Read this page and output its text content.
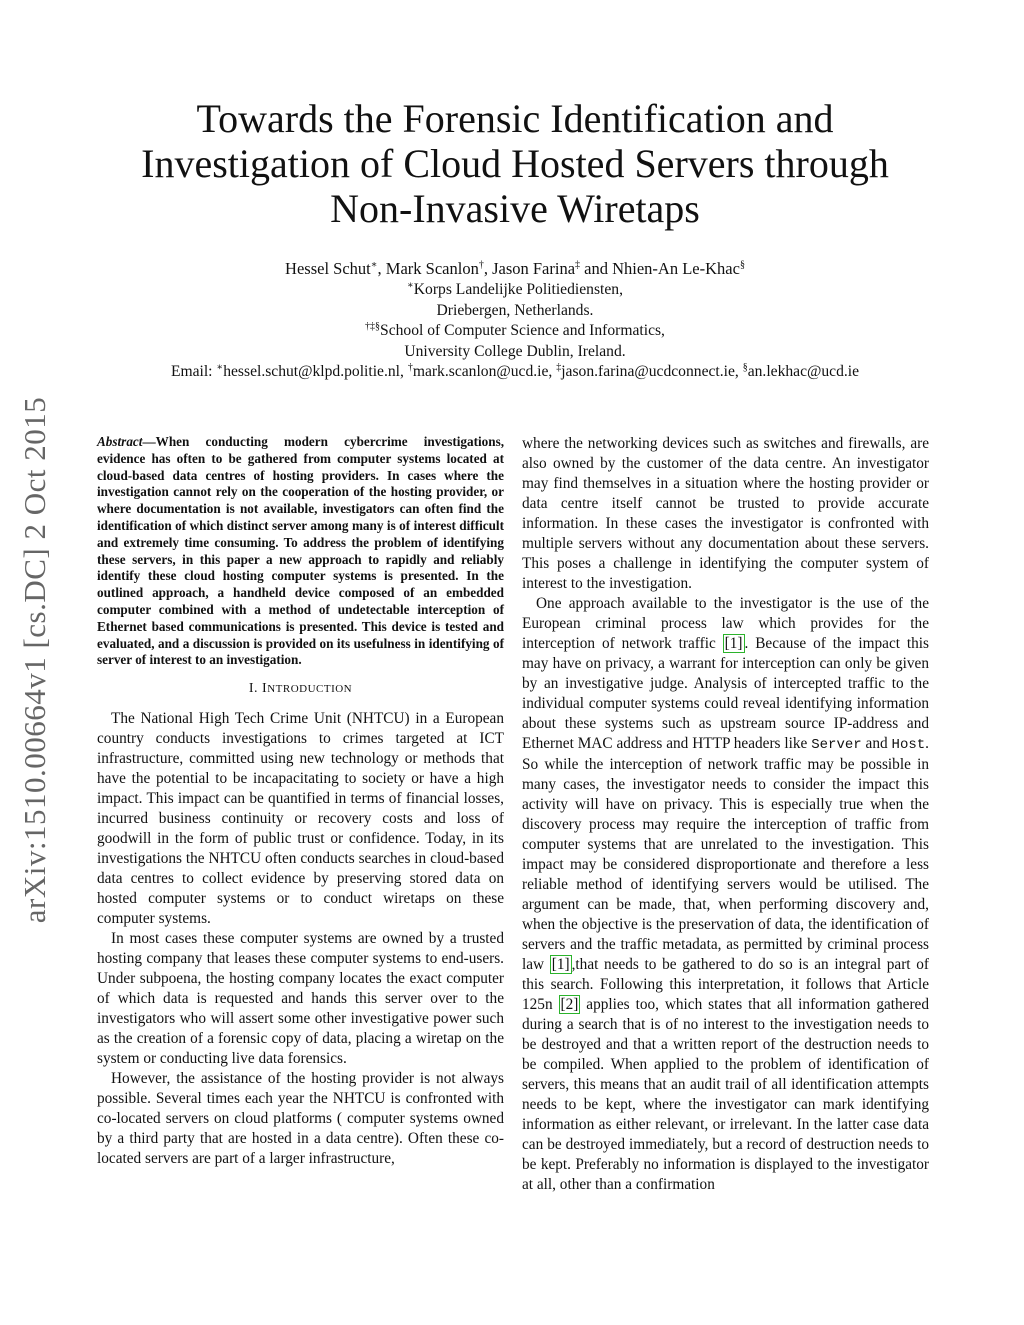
arXiv:1510.00664v1 [cs.DC] 2 Oct 2015
Towards the Forensic Identification and
Investigation of Cloud Hosted Servers through
Non-Invasive Wiretaps
Hessel Schut∗, Mark Scanlon†, Jason Farina‡ and Nhien-An Le-Khac§
∗Korps Landelijke Politiediensten,
Driebergen, Netherlands.
†‡§School of Computer Science and Informatics,
University College Dublin, Ireland.
Email: ∗hessel.schut@klpd.politie.nl, †mark.scanlon@ucd.ie, ‡jason.farina@ucdconnect.ie, §an.lekhac@ucd.ie
Abstract—When conducting modern cybercrime investigations, evidence has often to be gathered from computer systems located at cloud-based data centres of hosting providers. In cases where the investigation cannot rely on the cooperation of the hosting provider, or where documentation is not available, investigators can often find the identification of which distinct server among many is of interest difficult and extremely time consuming. To address the problem of identifying these servers, in this paper a new approach to rapidly and reliably identify these cloud hosting computer systems is presented. In the outlined approach, a handheld device composed of an embedded computer combined with a method of undetectable interception of Ethernet based communications is presented. This device is tested and evaluated, and a discussion is provided on its usefulness in identifying of server of interest to an investigation.
I. INTRODUCTION

The National High Tech Crime Unit (NHTCU) in a European country conducts investigations to crimes targeted at ICT infrastructure, committed using new technology or methods that have the potential to be incapacitating to society or have a high impact. This impact can be quantified in terms of financial losses, incurred business continuity or recovery costs and loss of goodwill in the form of public trust or confidence. Today, in its investigations the NHTCU often conducts searches in cloud-based data centres to collect evidence by preserving stored data on hosted computer systems or to conduct wiretaps on these computer systems.

In most cases these computer systems are owned by a trusted hosting company that leases these computer systems to end-users. Under subpoena, the hosting company locates the exact computer of which data is requested and hands this server over to the investigators who will assert some other investigative power such as the creation of a forensic copy of data, placing a wiretap on the system or conducting live data forensics.

However, the assistance of the hosting provider is not always possible. Several times each year the NHTCU is confronted with co-located servers on cloud platforms ( computer systems owned by a third party that are hosted in a data centre). Often these co-located servers are part of a larger infrastructure,

where the networking devices such as switches and firewalls, are also owned by the customer of the data centre. An investigator may find themselves in a situation where the hosting provider or data centre itself cannot be trusted to provide accurate information. In these cases the investigator is confronted with multiple servers without any documentation about these servers. This poses a challenge in identifying the computer system of interest to the investigation.

One approach available to the investigator is the use of the European criminal process law which provides for the interception of network traffic [1] . Because of the impact this may have on privacy, a warrant for interception can only be given by an investigative judge. Analysis of intercepted traffic to the individual computer systems could reveal identifying information about these systems such as upstream source IP-address and Ethernet MAC address and HTTP headers like Server and Host. So while the interception of network traffic may be possible in many cases, the investigator needs to consider the impact this activity will have on privacy. This is especially true when the discovery process may require the interception of traffic from computer systems that are unrelated to the investigation. This impact may be considered disproportionate and therefore a less reliable method of identifying servers would be utilised. The argument can be made, that, when performing discovery and, when the objective is the preservation of data, the identification of servers and the traffic metadata, as permitted by criminal process law [1] ,that needs to be gathered to do so is an integral part of this search. Following this interpretation, it follows that Article 125n [2] applies too, which states that all information gathered during a search that is of no interest to the investigation needs to be destroyed and that a written report of the destruction needs to be compiled. When applied to the problem of identification of servers, this means that an audit trail of all identification attempts needs to be kept, where the investigator can mark identifying information as either relevant, or irrelevant. In the latter case data can be destroyed immediately, but a record of destruction needs to be kept. Preferably no information is displayed to the investigator at all, other than a confirmation
